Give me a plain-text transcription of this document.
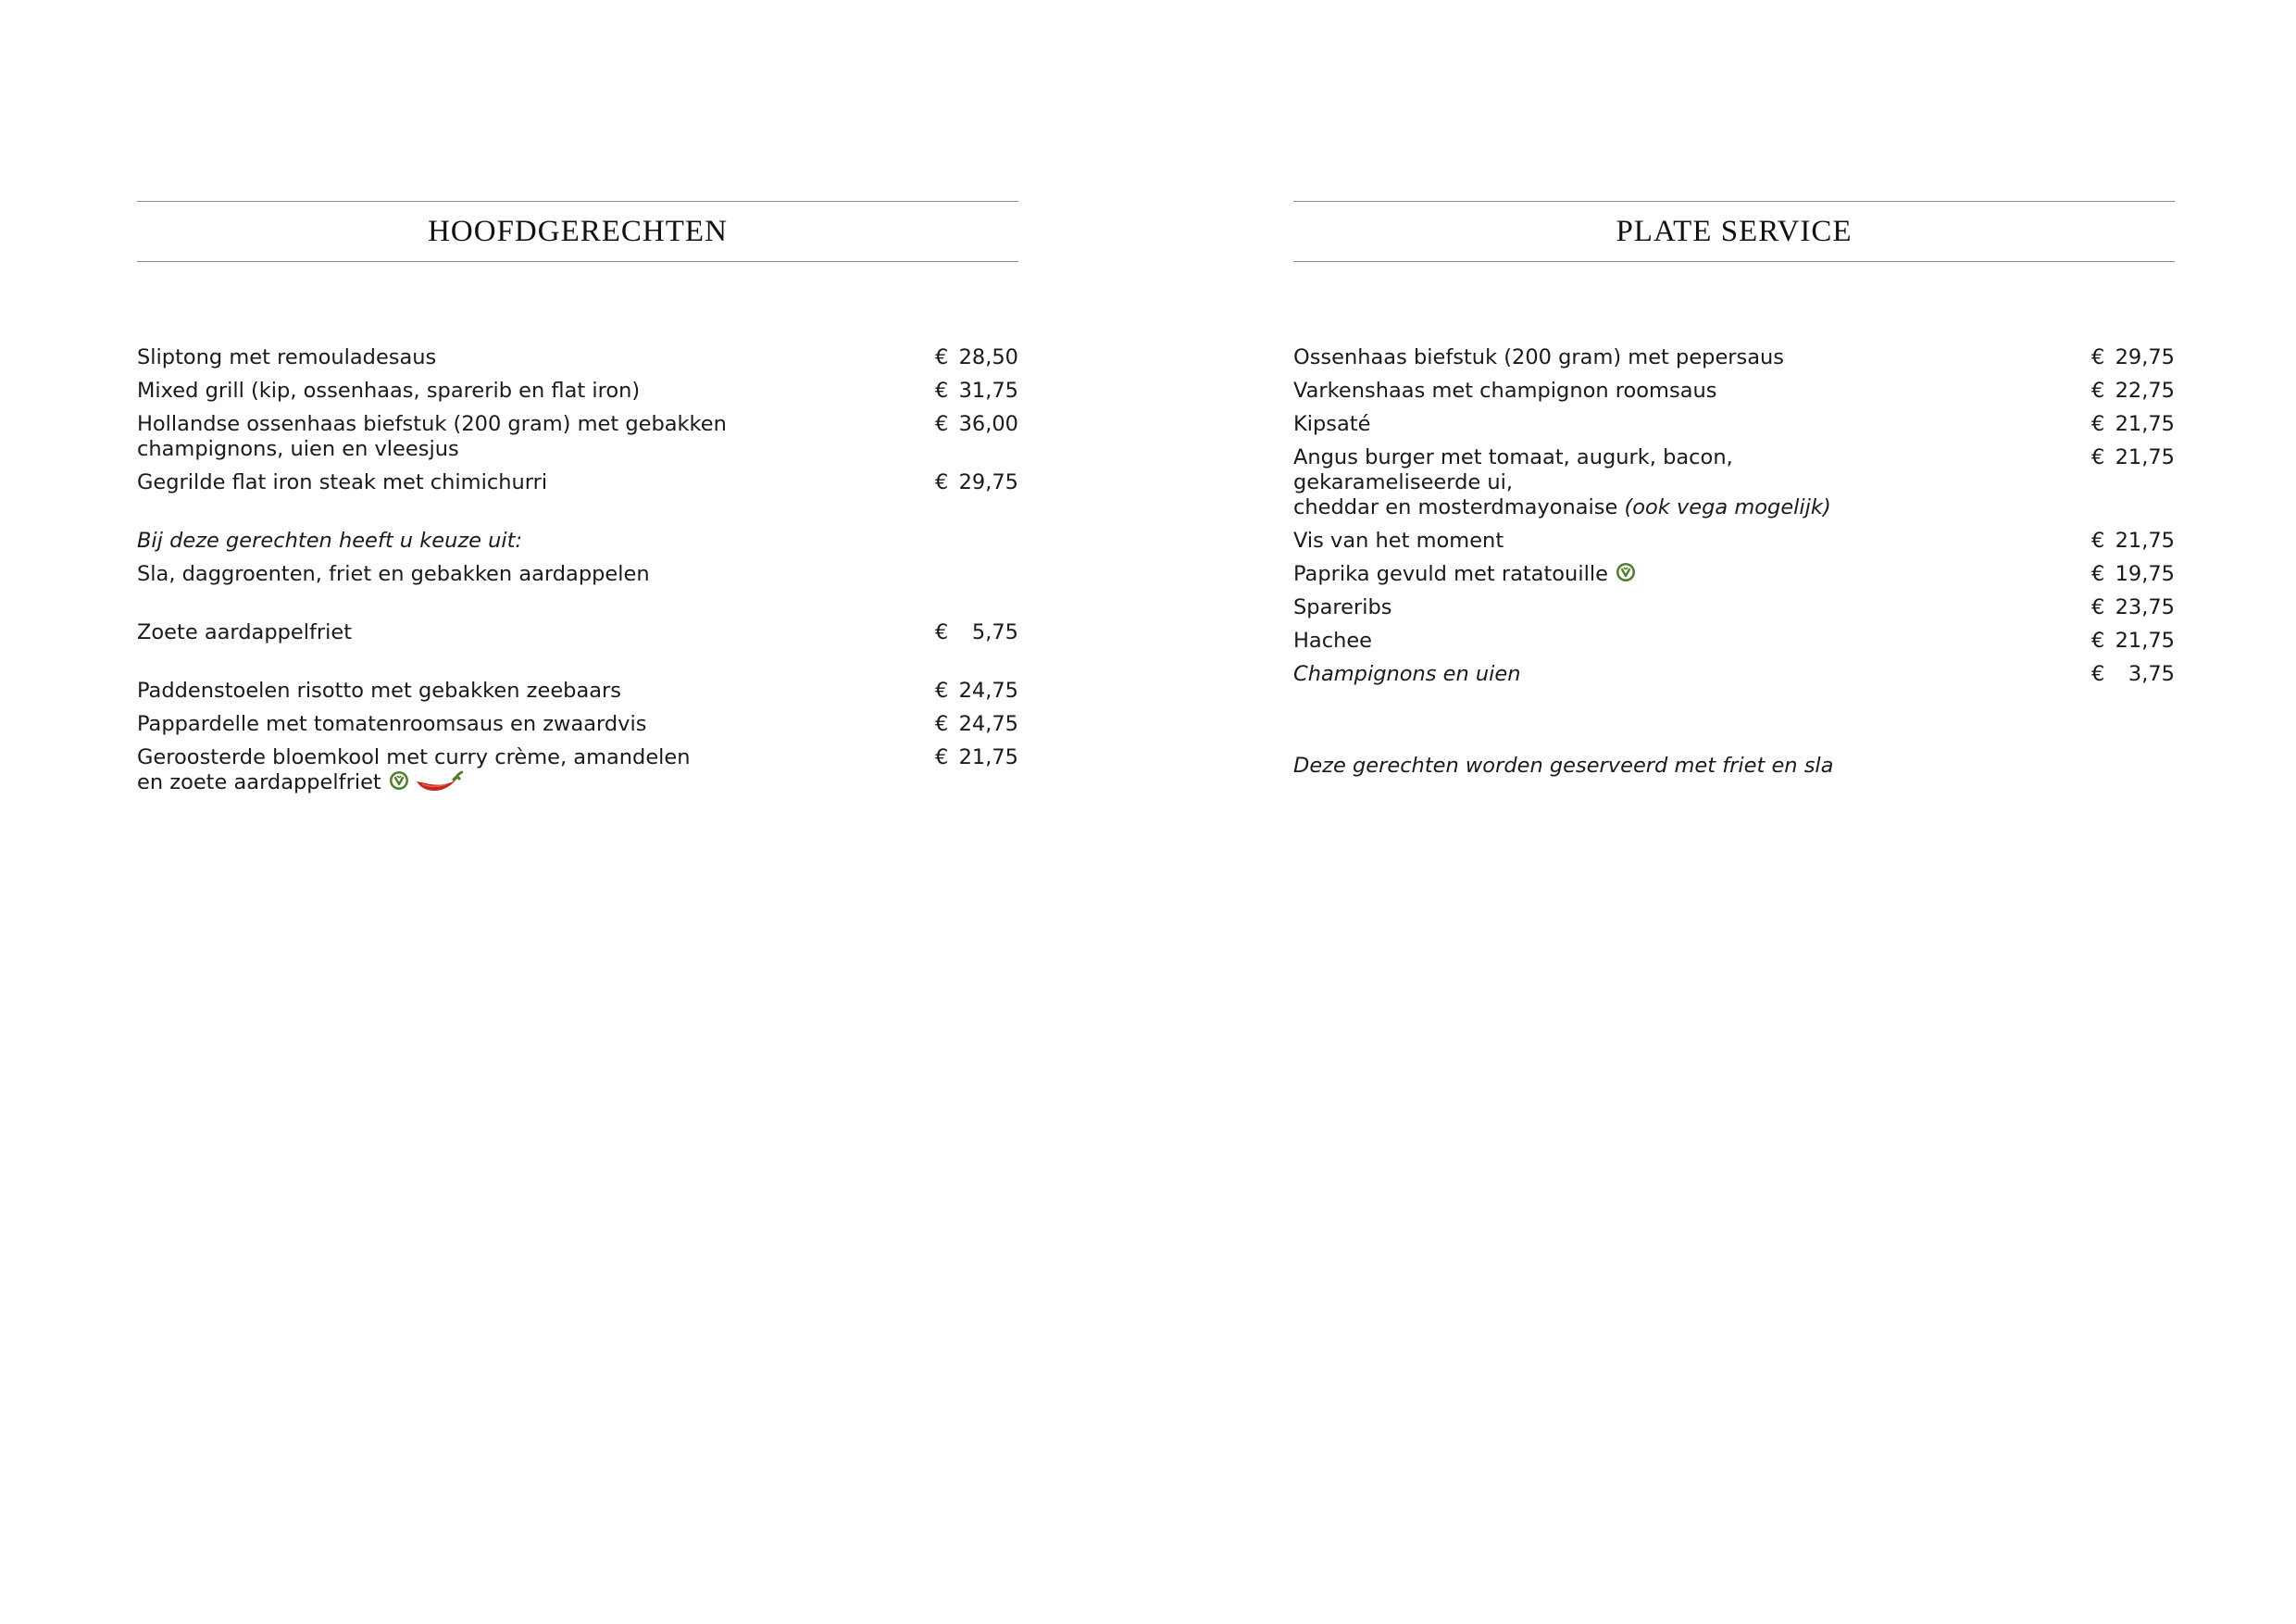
HOOFDGERECHTEN
Sliptong met remouladesaus	€ 28,50
Mixed grill (kip, ossenhaas, sparerib en flat iron)	€ 31,75
Hollandse ossenhaas biefstuk (200 gram) met gebakken
champignons, uien en vleesjus
€ 36,00
Gegrilde flat iron steak met chimichurri	€ 29,75
Bij deze gerechten heeft u keuze uit:
Sla, daggroenten, friet en gebakken aardappelen
Zoete aardappelfriet	€ 5,75
Paddenstoelen risotto met gebakken zeebaars	€ 24,75
Pappardelle met tomatenroomsaus en zwaardvis	€ 24,75
Geroosterde bloemkool met curry crème, amandelen
en zoete aardappelfriet
€ 21,75
PLATE SERVICE
Ossenhaas biefstuk (200 gram) met pepersaus	€ 29,75
Varkenshaas met champignon roomsaus	€ 22,75
Kipsaté	€ 21,75
Angus burger met tomaat, augurk, bacon, gekarameliseerde ui,
cheddar en mosterdmayonaise (ook vega mogelijk)
€ 21,75
Vis van het moment	€ 21,75
Paprika gevuld met ratatouille	€ 19,75
Spareribs	€ 23,75
Hachee	€ 21,75
Champignons en uien	€ 3,75
Deze gerechten worden geserveerd met friet en sla
